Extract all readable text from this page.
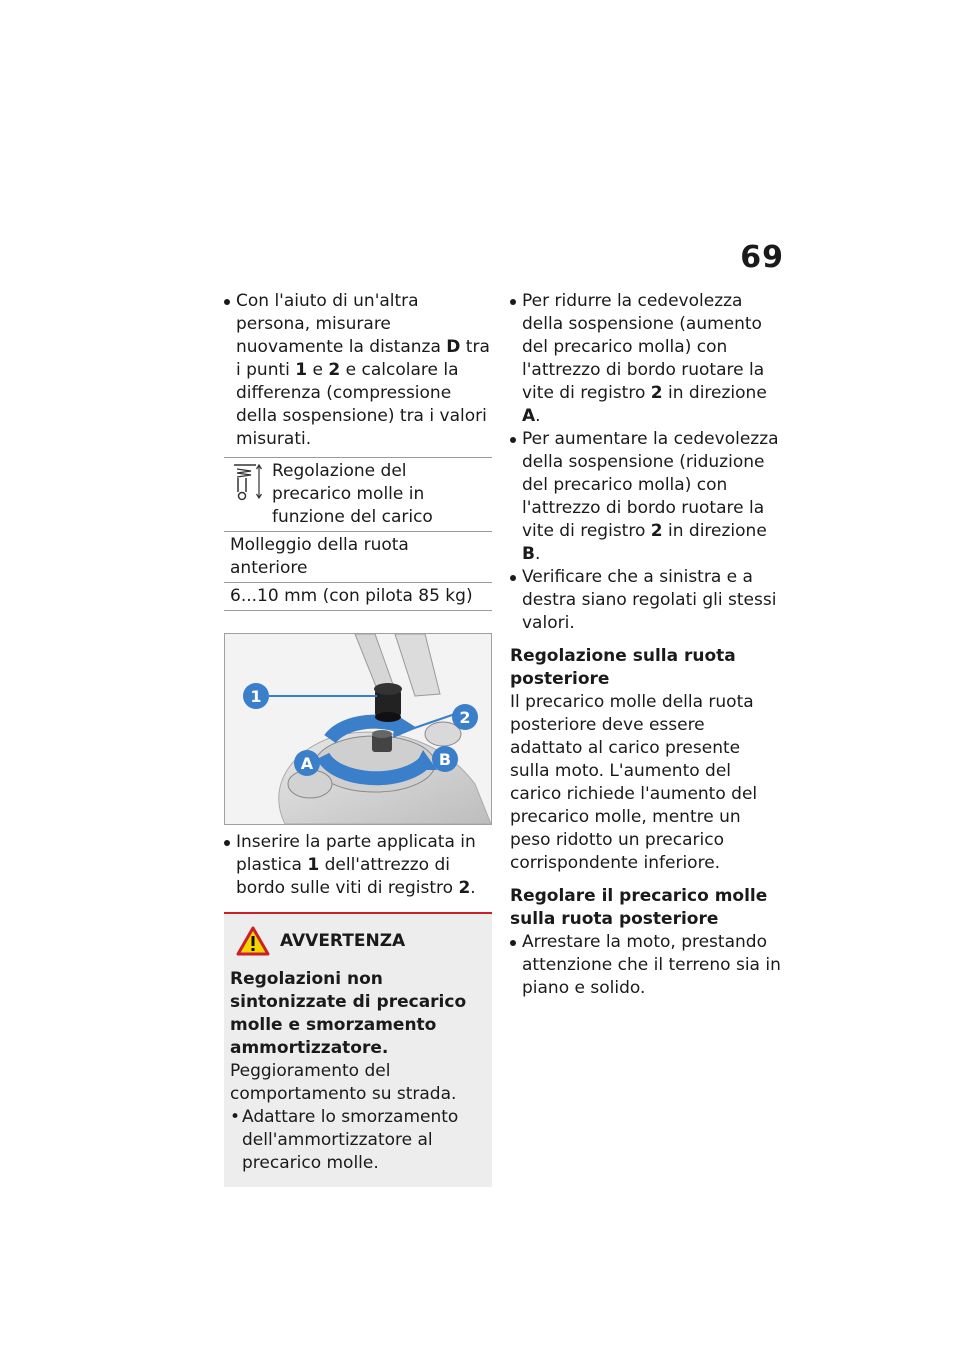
69
Con l'aiuto di un'altra persona, misurare nuovamente la distanza D tra i punti 1 e 2 e calcolare la differenza (compressione della sospensione) tra i valori misurati.
Regolazione del precarico molle in funzione del carico
Molleggio della ruota anteriore
6...10 mm (con pilota 85 kg)
1
2
A	B
Inserire la parte applicata in plastica 1 dell'attrezzo di bordo sulle viti di registro 2.
AVVERTENZA

Regolazioni non sintonizzate di precarico molle e smorzamento ammortizzatore.

Peggioramento del comportamento su strada.

• Adattare lo smorzamento dell'ammortizzatore al precarico molle.
Per ridurre la cedevolezza della sospensione (aumento del precarico molla) con l'attrezzo di bordo ruotare la vite di registro 2 in direzione A.
Per aumentare la cedevolezza della sospensione (riduzione del precarico molla) con l'attrezzo di bordo ruotare la vite di registro 2 in direzione B.
Verificare che a sinistra e a destra siano regolati gli stessi valori.

Regolazione sulla ruota posteriore

Il precarico molle della ruota posteriore deve essere adattato al carico presente sulla moto. L'aumento del carico richiede l'aumento del precarico molle, mentre un peso ridotto un precarico corrispondente inferiore.

Regolare il precarico molle sulla ruota posteriore

Arrestare la moto, prestando attenzione che il terreno sia in piano e solido.
